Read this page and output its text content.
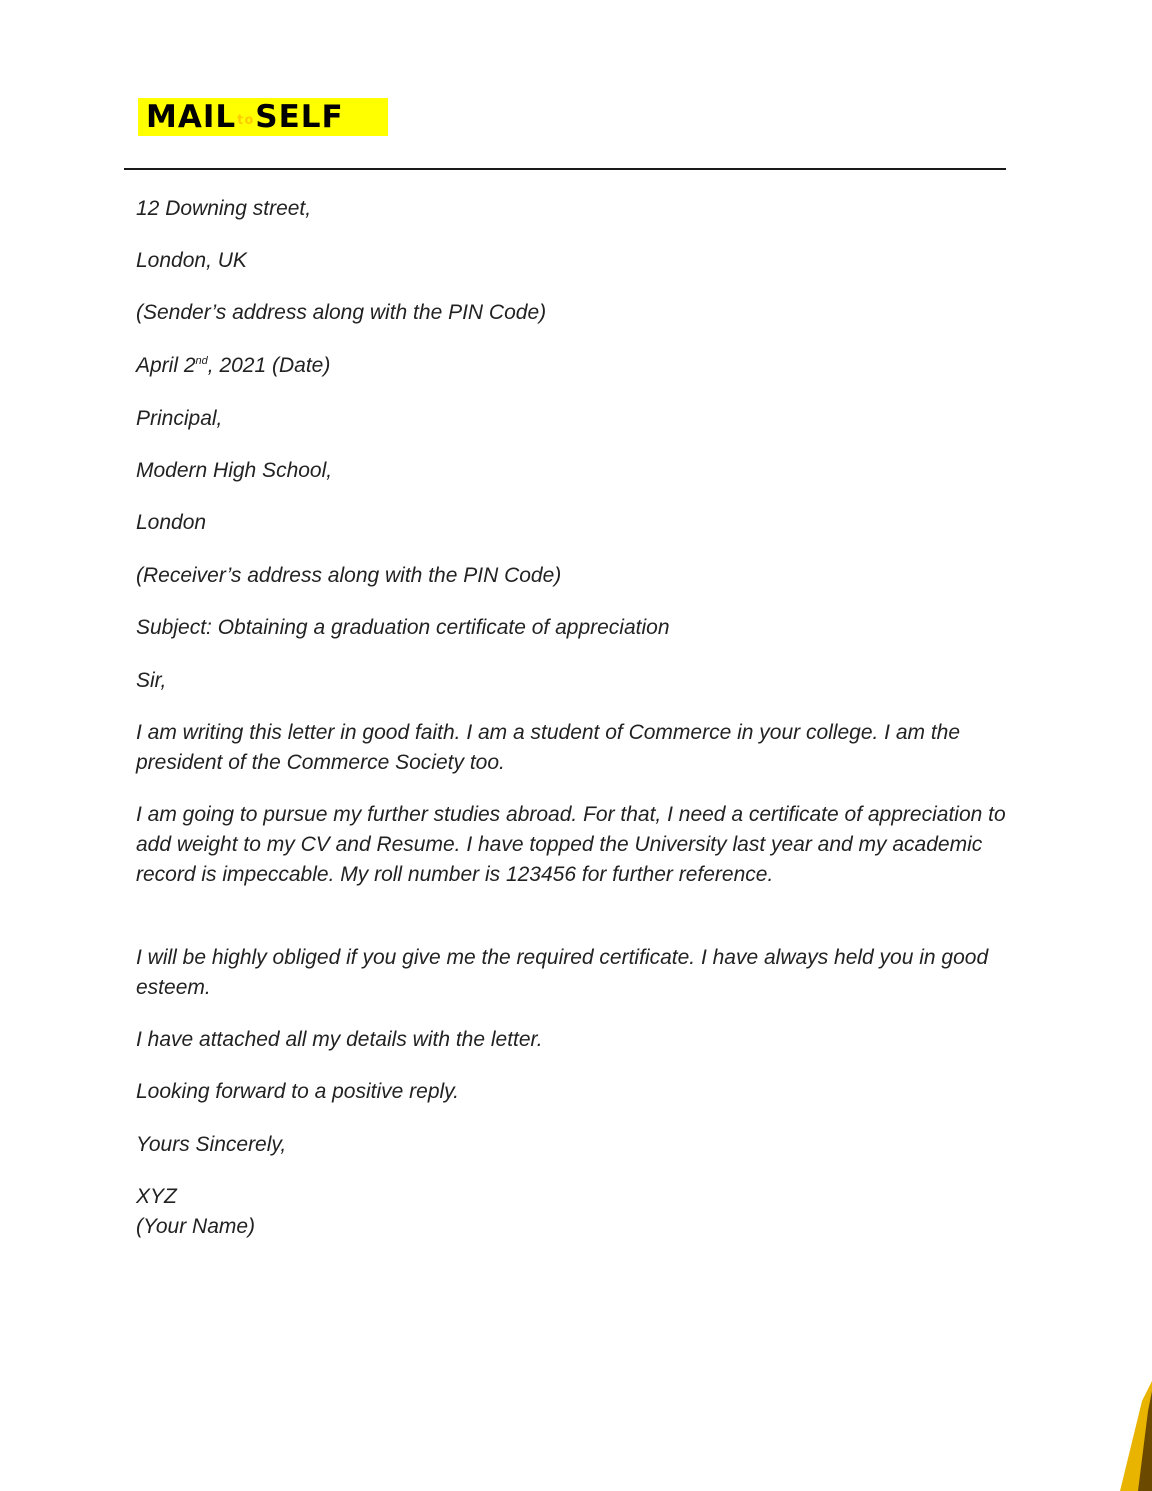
MAIL to SELF

12 Downing street,

London, UK

(Sender’s address along with the PIN Code)

April 2nd, 2021 (Date)

Principal,

Modern High School,

London

(Receiver’s address along with the PIN Code)

Subject: Obtaining a graduation certificate of appreciation

Sir,

I am writing this letter in good faith. I am a student of Commerce in your college. I am the president of the Commerce Society too.

I am going to pursue my further studies abroad. For that, I need a certificate of appreciation to add weight to my CV and Resume. I have topped the University last year and my academic record is impeccable. My roll number is 123456 for further reference.

I will be highly obliged if you give me the required certificate. I have always held you in good esteem.

I have attached all my details with the letter.

Looking forward to a positive reply.

Yours Sincerely,

XYZ

(Your Name)
